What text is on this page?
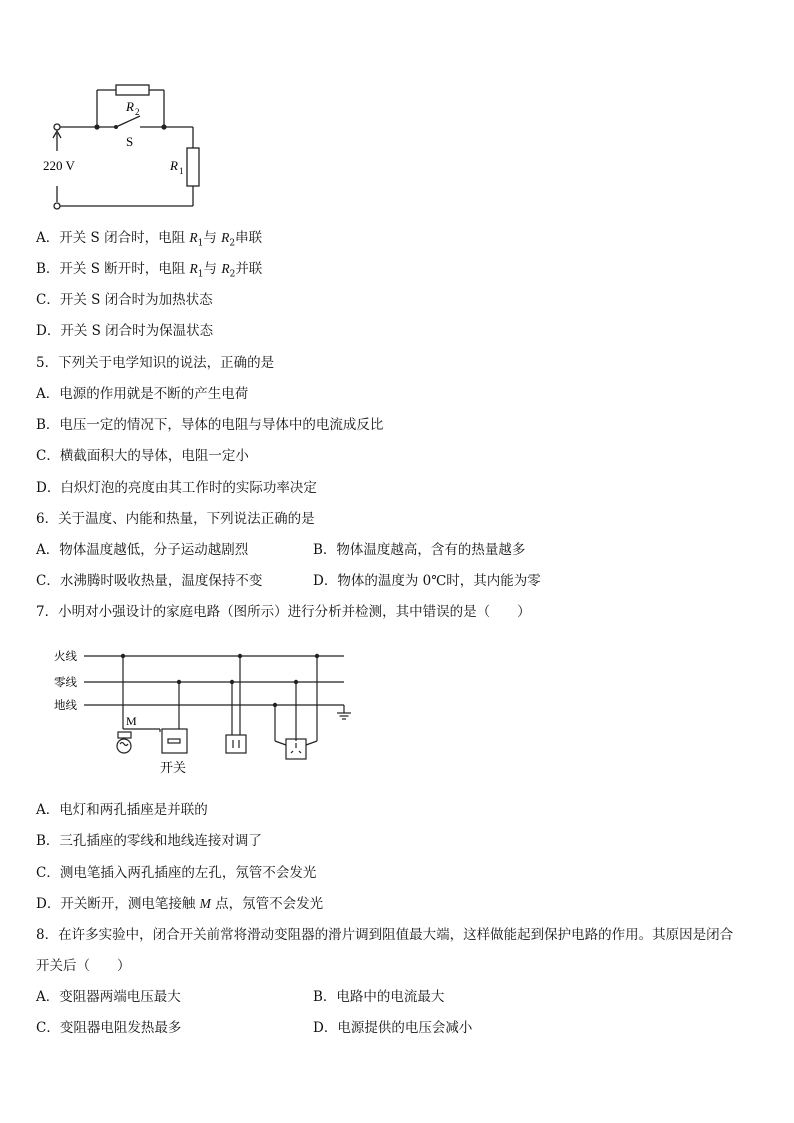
220 V
R 2
S
R 1
A．开关 S 闭合时，电阻 $R_1$与 $R_2$串联
B．开关 S 断开时，电阻 $R_1$与 $R_2$并联
C．开关 S 闭合时为加热状态
D．开关 S 闭合时为保温状态
5．下列关于电学知识的说法，正确的是
A．电源的作用就是不断的产生电荷
B．电压一定的情况下，导体的电阻与导体中的电流成反比
C．横截面积大的导体，电阻一定小
D．白炽灯泡的亮度由其工作时的实际功率决定
6．关于温度、内能和热量，下列说法正确的是
A．物体温度越低，分子运动越剧烈	B．物体温度越高，含有的热量越多
C．水沸腾时吸收热量，温度保持不变	D．物体的温度为 0℃时，其内能为零
7．小明对小强设计的家庭电路（图所示）进行分析并检测，其中错误的是（　　）
火线
零线
地线
M
开关
A．电灯和两孔插座是并联的
B．三孔插座的零线和地线连接对调了
C．测电笔插入两孔插座的左孔，氖管不会发光
D．开关断开，测电笔接触 M 点，氖管不会发光
8．在许多实验中，闭合开关前常将滑动变阻器的滑片调到阻值最大端，这样做能起到保护电路的作用。其原因是闭合
开关后（　　）
A．变阻器两端电压最大	B．电路中的电流最大
C．变阻器电阻发热最多	D．电源提供的电压会减小
